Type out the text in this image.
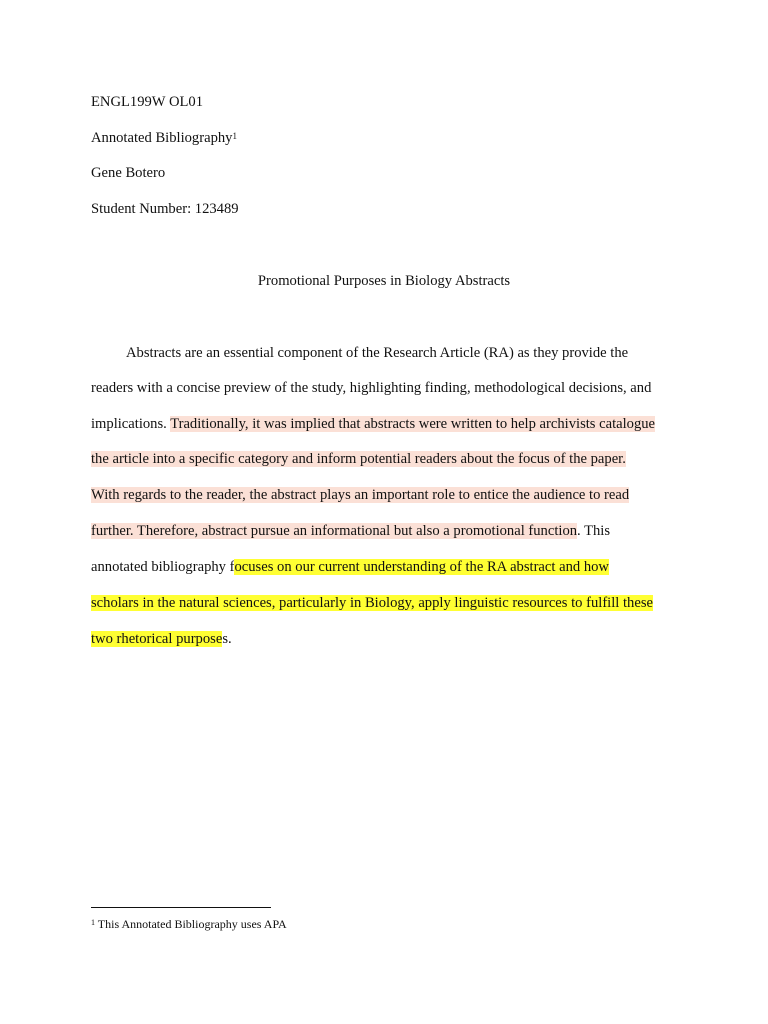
ENGL199W OL01
Annotated Bibliography$^1$
Gene Botero
Student Number: 123489
Promotional Purposes in Biology Abstracts
Abstracts are an essential component of the Research Article (RA) as they provide the
readers with a concise preview of the study, highlighting finding, methodological decisions, and
implications. Traditionally, it was implied that abstracts were written to help archivists catalogue
the article into a specific category and inform potential readers about the focus of the paper.
With regards to the reader, the abstract plays an important role to entice the audience to read
further. Therefore, abstract pursue an informational but also a promotional function. This
annotated bibliography focuses on our current understanding of the RA abstract and how
scholars in the natural sciences, particularly in Biology, apply linguistic resources to fulfill these
two rhetorical purposes.
$^1$ This Annotated Bibliography uses APA
